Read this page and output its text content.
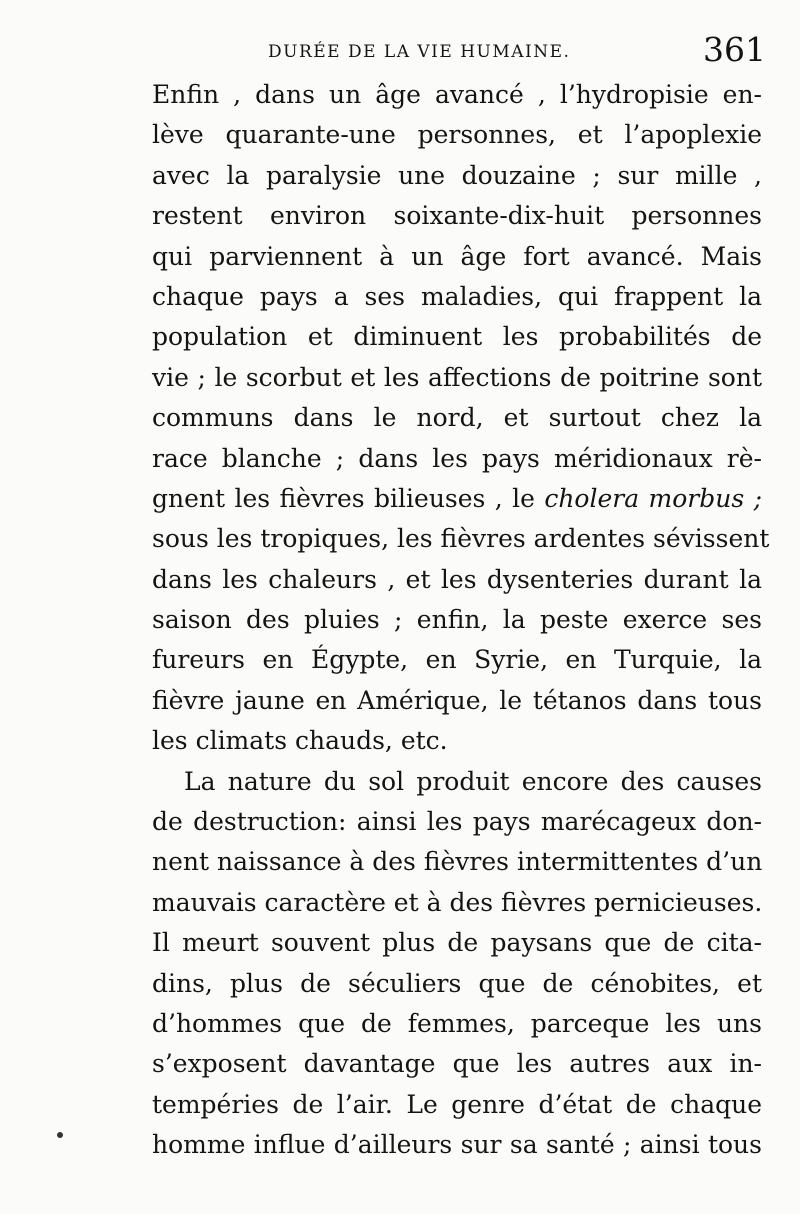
DURÉE DE LA VIE HUMAINE.	361
Enfin , dans un âge avancé , l’hydropisie en-
lève quarante-une personnes, et l’apoplexie
avec la paralysie une douzaine ; sur mille ,
restent environ soixante-dix-huit personnes
qui parviennent à un âge fort avancé. Mais
chaque pays a ses maladies, qui frappent la
population et diminuent les probabilités de
vie ; le scorbut et les affections de poitrine sont
communs dans le nord, et surtout chez la
race blanche ; dans les pays méridionaux rè-
gnent les fièvres bilieuses , le cholera morbus ;
sous les tropiques, les fièvres ardentes sévissent
dans les chaleurs , et les dysenteries durant la
saison des pluies ; enfin, la peste exerce ses
fureurs en Égypte, en Syrie, en Turquie, la
fièvre jaune en Amérique, le tétanos dans tous
les climats chauds, etc.
La nature du sol produit encore des causes
de destruction: ainsi les pays marécageux don-
nent naissance à des fièvres intermittentes d’un
mauvais caractère et à des fièvres pernicieuses.
Il meurt souvent plus de paysans que de cita-
dins, plus de séculiers que de cénobites, et
d’hommes que de femmes, parceque les uns
s’exposent davantage que les autres aux in-
tempéries de l’air. Le genre d’état de chaque
homme influe d’ailleurs sur sa santé ; ainsi tous
